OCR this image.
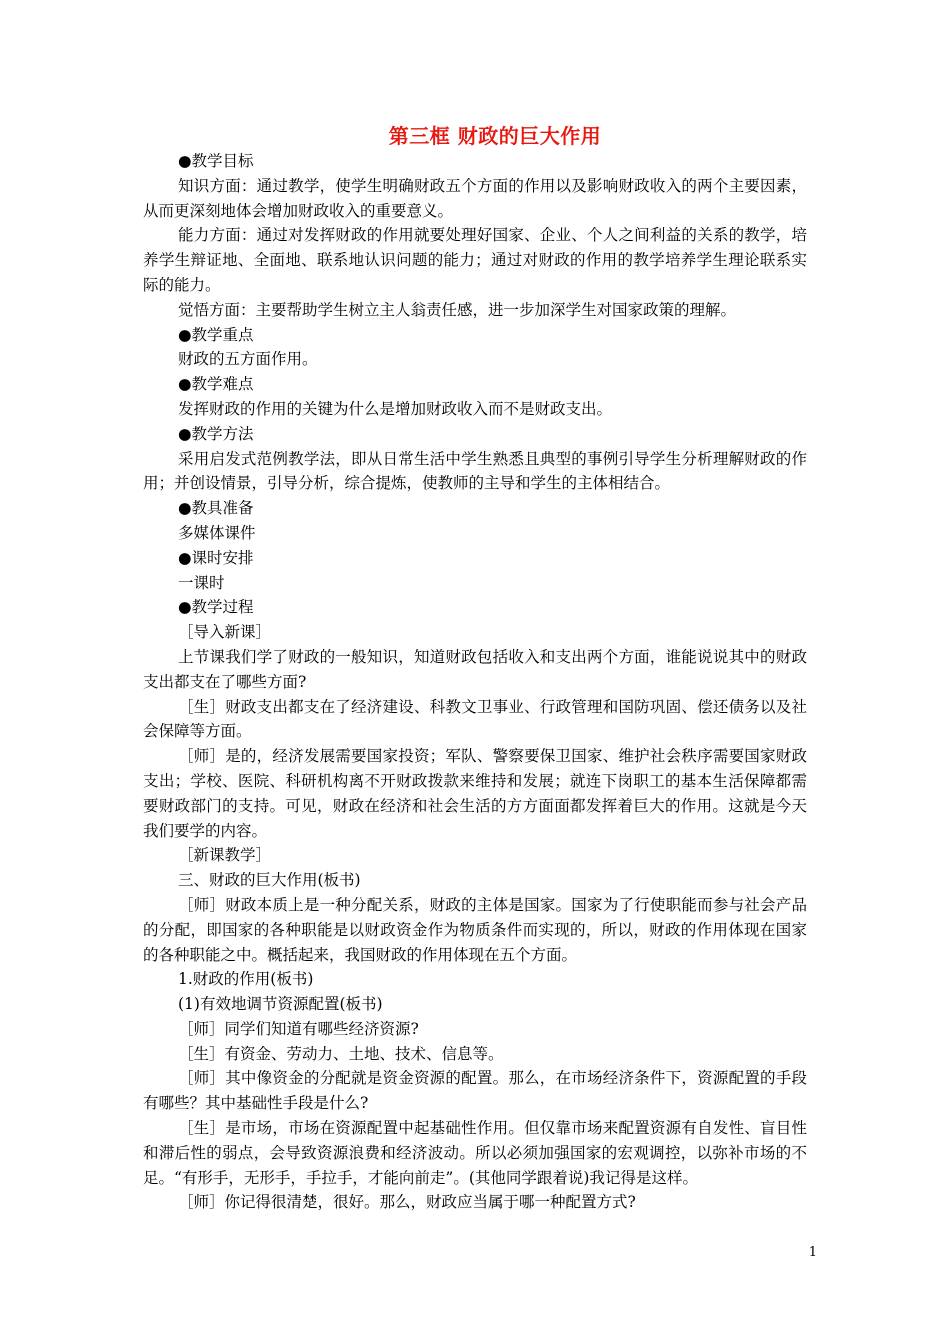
第三框 财政的巨大作用

●教学目标

知识方面：通过教学，使学生明确财政五个方面的作用以及影响财政收入的两个主要因素，从而更深刻地体会增加财政收入的重要意义。

能力方面：通过对发挥财政的作用就要处理好国家、企业、个人之间利益的关系的教学，培养学生辩证地、全面地、联系地认识问题的能力；通过对财政的作用的教学培养学生理论联系实际的能力。

觉悟方面：主要帮助学生树立主人翁责任感，进一步加深学生对国家政策的理解。

●教学重点

财政的五方面作用。

●教学难点

发挥财政的作用的关键为什么是增加财政收入而不是财政支出。

●教学方法

采用启发式范例教学法，即从日常生活中学生熟悉且典型的事例引导学生分析理解财政的作用；并创设情景，引导分析，综合提炼，使教师的主导和学生的主体相结合。

●教具准备

多媒体课件

●课时安排

一课时

●教学过程

［导入新课］

上节课我们学了财政的一般知识，知道财政包括收入和支出两个方面，谁能说说其中的财政支出都支在了哪些方面?

［生］财政支出都支在了经济建设、科教文卫事业、行政管理和国防巩固、偿还债务以及社会保障等方面。

［师］是的，经济发展需要国家投资；军队、警察要保卫国家、维护社会秩序需要国家财政支出；学校、医院、科研机构离不开财政拨款来维持和发展；就连下岗职工的基本生活保障都需要财政部门的支持。可见，财政在经济和社会生活的方方面面都发挥着巨大的作用。这就是今天我们要学的内容。

［新课教学］

三、财政的巨大作用(板书)

［师］财政本质上是一种分配关系，财政的主体是国家。国家为了行使职能而参与社会产品的分配，即国家的各种职能是以财政资金作为物质条件而实现的，所以，财政的作用体现在国家的各种职能之中。概括起来，我国财政的作用体现在五个方面。

1.财政的作用(板书)

(1)有效地调节资源配置(板书)

［师］同学们知道有哪些经济资源?

［生］有资金、劳动力、土地、技术、信息等。

［师］其中像资金的分配就是资金资源的配置。那么，在市场经济条件下，资源配置的手段有哪些？其中基础性手段是什么?

［生］是市场，市场在资源配置中起基础性作用。但仅靠市场来配置资源有自发性、盲目性和滞后性的弱点，会导致资源浪费和经济波动。所以必须加强国家的宏观调控，以弥补市场的不足。“有形手，无形手，手拉手，才能向前走”。(其他同学跟着说)我记得是这样。

［师］你记得很清楚，很好。那么，财政应当属于哪一种配置方式?

1
